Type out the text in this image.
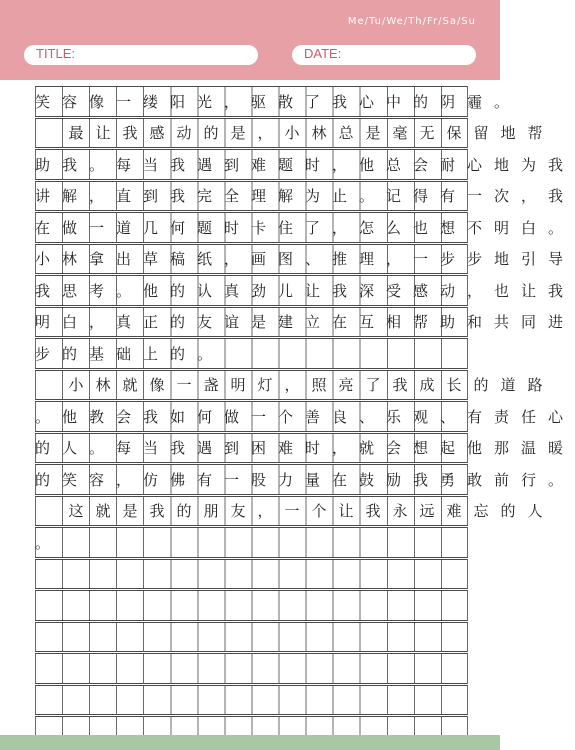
Me/Tu/We/Th/Fr/Sa/Su
TITLE:	DATE:
笑容像一缕阳光，驱散了我心中的阴霾。
最让我感动的是，小林总是毫无保留地帮
助我。每当我遇到难题时，他总会耐心地为我
讲解，直到我完全理解为止。记得有一次，我
在做一道几何题时卡住了，怎么也想不明白。
小林拿出草稿纸，画图、推理，一步步地引导
我思考。他的认真劲儿让我深受感动，也让我
明白，真正的友谊是建立在互相帮助和共同进
步的基础上的。
小林就像一盏明灯，照亮了我成长的道路
。他教会我如何做一个善良、乐观、有责任心
的人。每当我遇到困难时，就会想起他那温暖
的笑容，仿佛有一股力量在鼓励我勇敢前行。
这就是我的朋友，一个让我永远难忘的人
。
